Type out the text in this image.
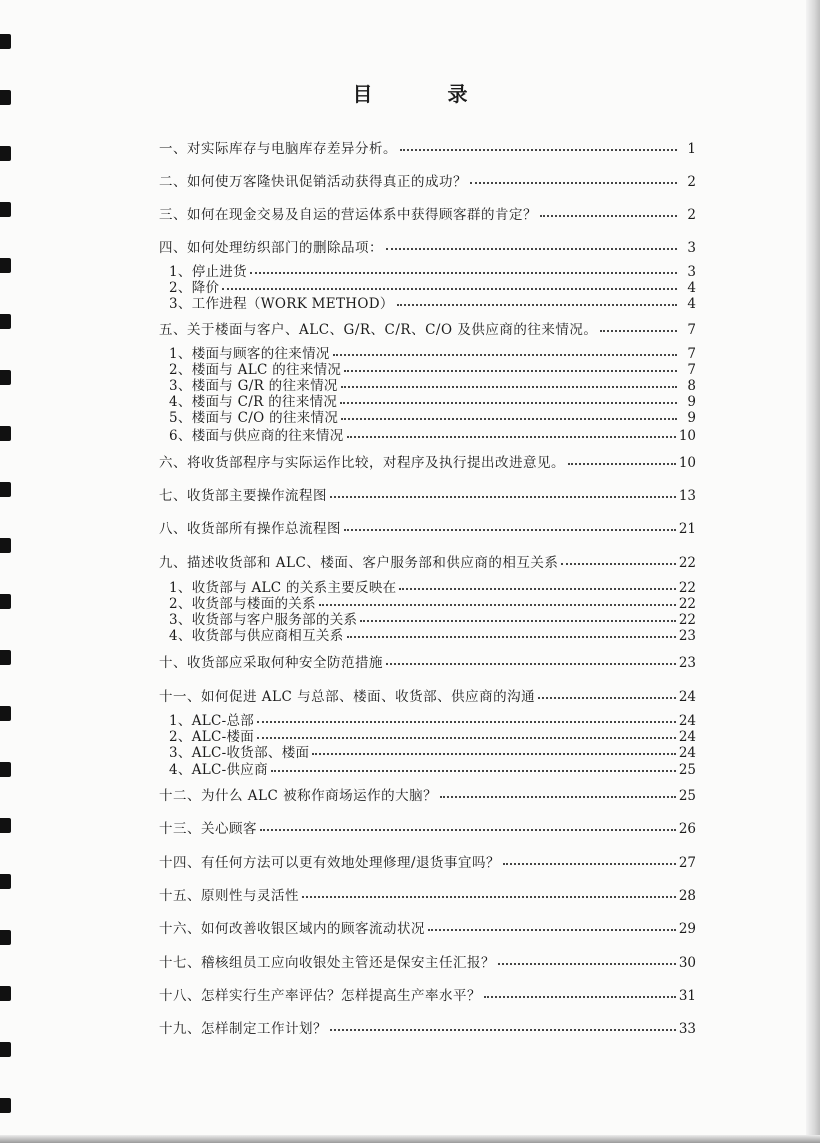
目 录
一、对实际库存与电脑库存差异分析。	1
二、如何使万客隆快讯促销活动获得真正的成功？	2
三、如何在现金交易及自运的营运体系中获得顾客群的肯定？	2
四、如何处理纺织部门的删除品项：	3
1、停止进货	3
2、降价	4
3、工作进程（WORK METHOD）	4
五、关于楼面与客户、ALC、G/R、C/R、C/O 及供应商的往来情况。	7
1、楼面与顾客的往来情况	7
2、楼面与 ALC 的往来情况	7
3、楼面与 G/R 的往来情况	8
4、楼面与 C/R 的往来情况	9
5、楼面与 C/O 的往来情况	9
6、楼面与供应商的往来情况	10
六、将收货部程序与实际运作比较，对程序及执行提出改进意见。	10
七、收货部主要操作流程图	13
八、收货部所有操作总流程图	21
九、描述收货部和 ALC、楼面、客户服务部和供应商的相互关系	22
1、收货部与 ALC 的关系主要反映在	22
2、收货部与楼面的关系	22
3、收货部与客户服务部的关系	22
4、收货部与供应商相互关系	23
十、收货部应采取何种安全防范措施	23
十一、如何促进 ALC 与总部、楼面、收货部、供应商的沟通	24
1、ALC-总部	24
2、ALC-楼面	24
3、ALC-收货部、楼面	24
4、ALC-供应商	25
十二、为什么 ALC 被称作商场运作的大脑？	25
十三、关心顾客	26
十四、有任何方法可以更有效地处理修理/退货事宜吗？	27
十五、原则性与灵活性	28
十六、如何改善收银区域内的顾客流动状况	29
十七、稽核组员工应向收银处主管还是保安主任汇报？	30
十八、怎样实行生产率评估？怎样提高生产率水平？	31
十九、怎样制定工作计划？	33
